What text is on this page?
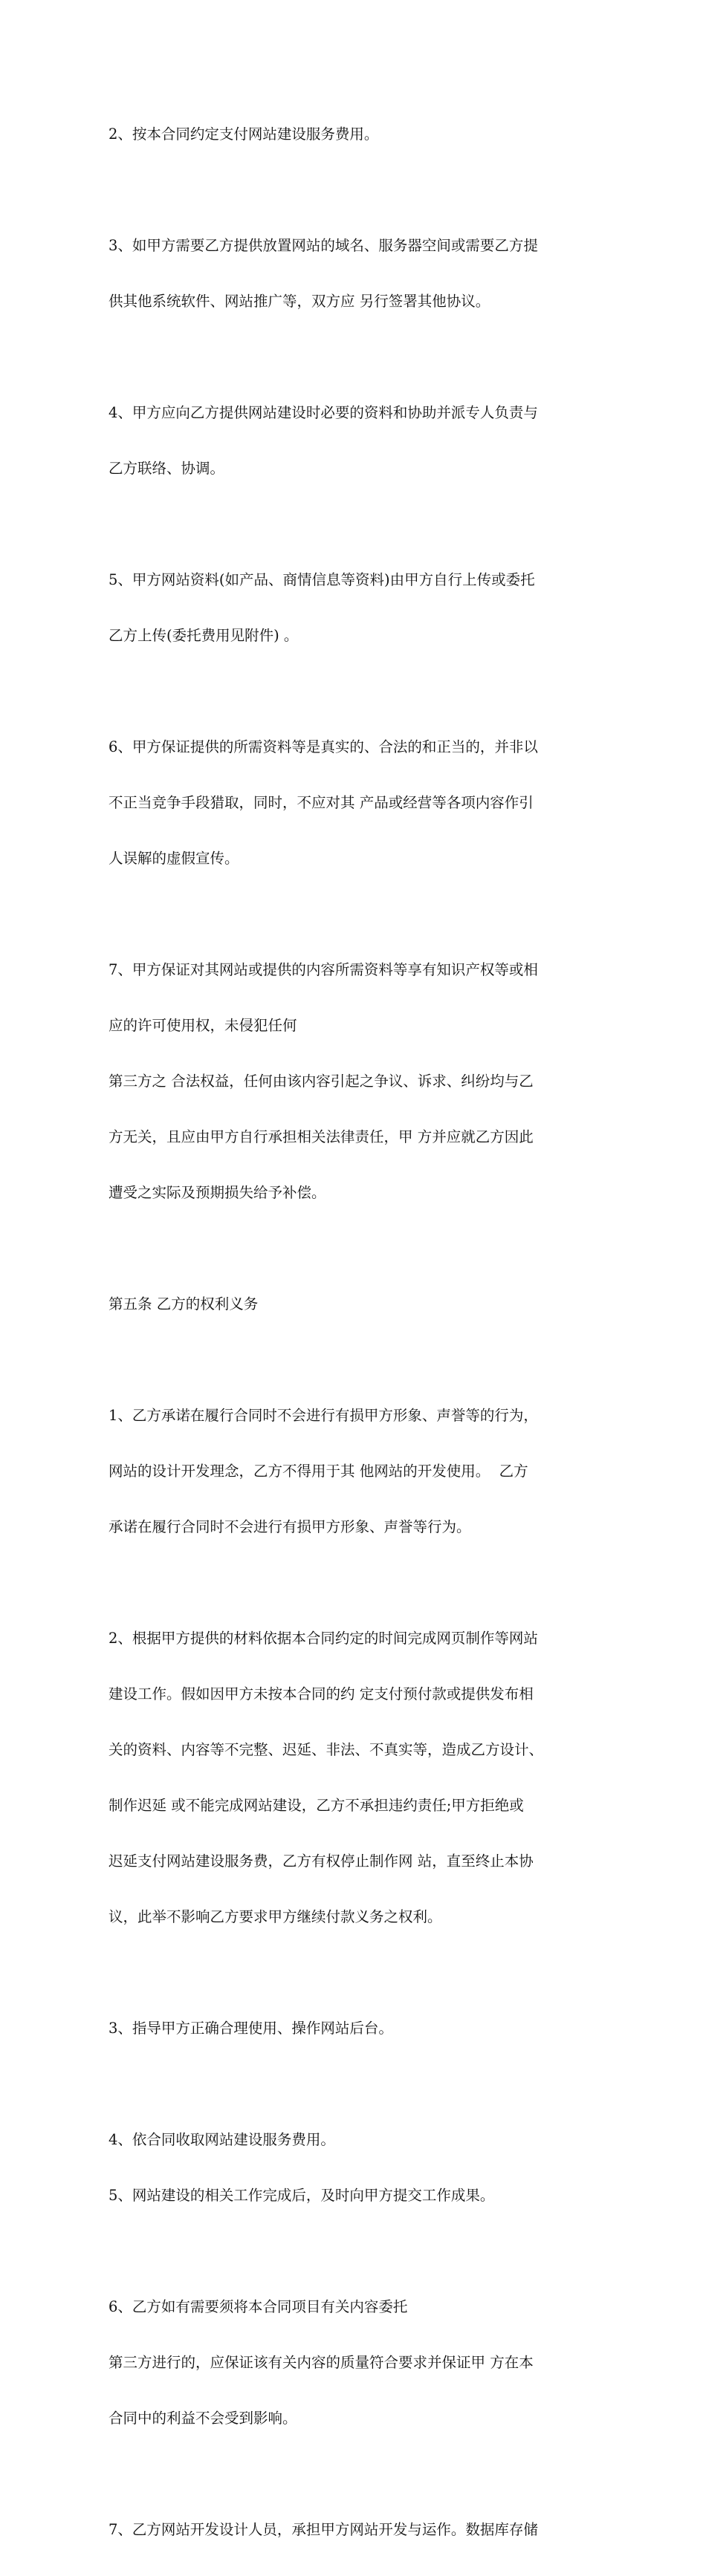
2、按本合同约定支付网站建设服务费用。

3、如甲方需要乙方提供放置网站的域名、服务器空间或需要乙方提

供其他系统软件、网站推广等，双方应 另行签署其他协议。

4、甲方应向乙方提供网站建设时必要的资料和协助并派专人负责与

乙方联络、协调。

5、甲方网站资料(如产品、商情信息等资料)由甲方自行上传或委托

乙方上传(委托费用见附件) 。

6、甲方保证提供的所需资料等是真实的、合法的和正当的，并非以

不正当竞争手段猎取，同时，不应对其 产品或经营等各项内容作引

人误解的虚假宣传。

7、甲方保证对其网站或提供的内容所需资料等享有知识产权等或相

应的许可使用权，未侵犯任何

第三方之 合法权益，任何由该内容引起之争议、诉求、纠纷均与乙

方无关，且应由甲方自行承担相关法律责任，甲 方并应就乙方因此

遭受之实际及预期损失给予补偿。

第五条 乙方的权利义务

1、乙方承诺在履行合同时不会进行有损甲方形象、声誉等的行为，

网站的设计开发理念，乙方不得用于其 他网站的开发使用。  乙方

承诺在履行合同时不会进行有损甲方形象、声誉等行为。

2、根据甲方提供的材料依据本合同约定的时间完成网页制作等网站

建设工作。假如因甲方未按本合同的约 定支付预付款或提供发布相

关的资料、内容等不完整、迟延、非法、不真实等，造成乙方设计、

制作迟延 或不能完成网站建设，乙方不承担违约责任;甲方拒绝或

迟延支付网站建设服务费，乙方有权停止制作网 站，直至终止本协

议，此举不影响乙方要求甲方继续付款义务之权利。

3、指导甲方正确合理使用、操作网站后台。

4、依合同收取网站建设服务费用。

5、网站建设的相关工作完成后，及时向甲方提交工作成果。

6、乙方如有需要须将本合同项目有关内容委托

第三方进行的，应保证该有关内容的质量符合要求并保证甲 方在本

合同中的利益不会受到影响。

7、乙方网站开发设计人员，承担甲方网站开发与运作。数据库存储
